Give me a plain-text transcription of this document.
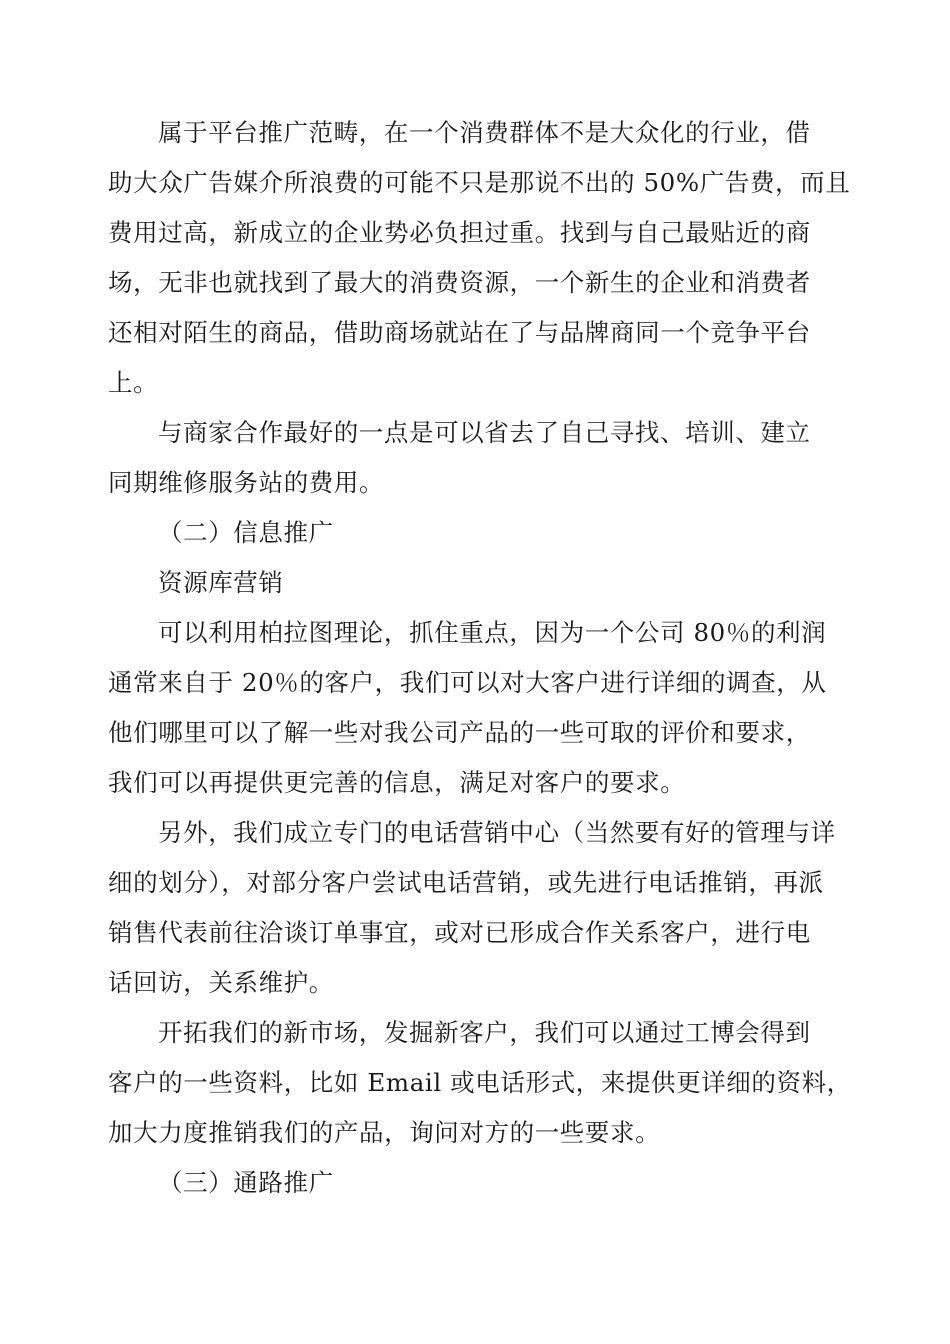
属于平台推广范畴，在一个消费群体不是大众化的行业，借
助大众广告媒介所浪费的可能不只是那说不出的 50%广告费，而且
费用过高，新成立的企业势必负担过重。找到与自己最贴近的商
场，无非也就找到了最大的消费资源，一个新生的企业和消费者
还相对陌生的商品，借助商场就站在了与品牌商同一个竞争平台
上。
与商家合作最好的一点是可以省去了自己寻找、培训、建立
同期维修服务站的费用。
（二）信息推广
资源库营销
可以利用柏拉图理论，抓住重点，因为一个公司 80％的利润
通常来自于 20％的客户，我们可以对大客户进行详细的调查，从
他们哪里可以了解一些对我公司产品的一些可取的评价和要求，
我们可以再提供更完善的信息，满足对客户的要求。
另外，我们成立专门的电话营销中心（当然要有好的管理与详
细的划分），对部分客户尝试电话营销，或先进行电话推销，再派
销售代表前往洽谈订单事宜，或对已形成合作关系客户，进行电
话回访，关系维护。
开拓我们的新市场，发掘新客户，我们可以通过工博会得到
客户的一些资料，比如 Email 或电话形式，来提供更详细的资料，
加大力度推销我们的产品，询问对方的一些要求。
（三）通路推广
